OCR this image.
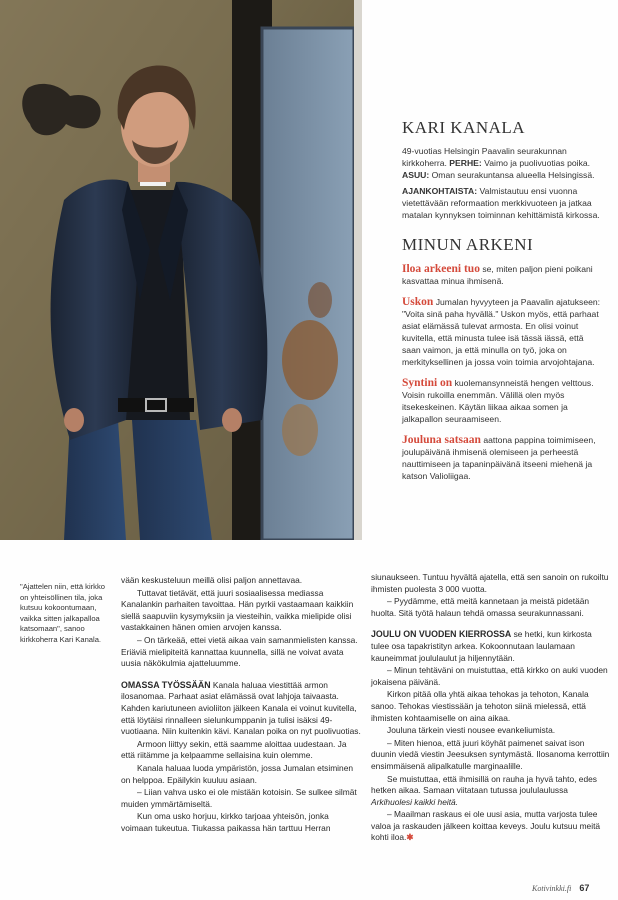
KARI KANALA

49-vuotias Helsingin Paavalin seurakunnan kirkkoherra. PERHE: Vaimo ja puolivuotias poika. ASUU: Oman seurakuntansa alueella Helsingissä.

AJANKOHTAISTA: Valmistautuu ensi vuonna vietettävään reformaation merkkivuoteen ja jatkaa matalan kynnyksen toiminnan kehittämistä kirkossa.

MINUN ARKENI

Iloa arkeeni tuo se, miten paljon pieni poikani kasvattaa minua ihmisenä.

Uskon Jumalan hyvyyteen ja Paavalin ajatukseen: "Voita sinä paha hyvällä." Uskon myös, että parhaat asiat elämässä tulevat armosta. En olisi voinut kuvitella, että minusta tulee isä tässä iässä, että saan vaimon, ja että minulla on työ, joka on merkityksellinen ja jossa voin toimia arvojohtajana.

Syntini on kuolemansynneistä hengen velttous. Voisin rukoilla enemmän. Välillä olen myös itsekeskeinen. Käytän liikaa aikaa somen ja jalkapallon seuraamiseen.

Jouluna satsaan aattona pappina toimimiseen, joulupäivänä ihmisenä olemiseen ja perheestä nauttimiseen ja tapaninpäivänä itseeni miehenä ja katson Valioliigaa.

"Ajattelen niin, että kirkko on yhteisöllinen tila, joka kutsuu kokoontumaan, vaikka sitten jalkapalloa katsomaan", sanoo kirkkoherra Kari Kanala.

vään keskusteluun meillä olisi paljon annettavaa.

Tuttavat tietävät, että juuri sosiaalisessa mediassa Kanalankin parhaiten tavoittaa. Hän pyrkii vastaamaan kaikkiin siellä saapuviin kysymyksiin ja viesteihin, vaikka mielipide olisi vastakkainen hänen omien arvojen kanssa.

– On tärkeää, ettei vietä aikaa vain samanmielisten kanssa. Eriäviä mielipiteitä kannattaa kuunnella, sillä ne voivat avata uusia näkökulmia ajatteluumme.

OMASSA TYÖSSÄÄN Kanala haluaa viestittää armon ilosanomaa. Parhaat asiat elämässä ovat lahjoja taivaasta. Kahden kariutuneen avioliiton jälkeen Kanala ei voinut kuvitella, että löytäisi rinnalleen sielunkumppanin ja tulisi isäksi 49-vuotiaana. Niin kuitenkin kävi. Kanalan poika on nyt puolivuotias.

Armoon liittyy sekin, että saamme aloittaa uudestaan. Ja että riitämme ja kelpaamme sellaisina kuin olemme.

Kanala haluaa luoda ympäristön, jossa Jumalan etsiminen on helppoa. Epäilykin kuuluu asiaan.

– Liian vahva usko ei ole mistään kotoisin. Se sulkee silmät muiden ymmärtämiseltä.

Kun oma usko horjuu, kirkko tarjoaa yhteisön, jonka voimaan tukeutua. Tiukassa paikassa hän tarttuu Herran

siunaukseen. Tuntuu hyvältä ajatella, että sen sanoin on rukoiltu ihmisten puolesta 3 000 vuotta.

– Pyydämme, että meitä kannetaan ja meistä pidetään huolta. Sitä työtä halaun tehdä omassa seurakunnassani.

JOULU ON VUODEN KIERROSSA se hetki, kun kirkosta tulee osa tapakristityn arkea. Kokoonnutaan laulamaan kauneimmat joululaulut ja hiljennytään.

– Minun tehtäväni on muistuttaa, että kirkko on auki vuoden jokaisena päivänä.

Kirkon pitää olla yhtä aikaa tehokas ja tehoton, Kanala sanoo. Tehokas viestissään ja tehoton siinä mielessä, että ihmisten kohtaamiselle on aina aikaa.

Jouluna tärkein viesti nousee evankeliumista.

– Miten hienoa, että juuri köyhät paimenet saivat ison duunin viedä viestin Jeesuksen syntymästä. Ilosanoma kerrottiin ensimmäisenä alipalkatulle marginaalille.

Se muistuttaa, että ihmisillä on rauha ja hyvä tahto, edes hetken aikaa. Samaan viitataan tutussa joululaulussa Arkihuolesi kaikki heitä.

– Maailman raskaus ei ole uusi asia, mutta varjosta tulee valoa ja raskauden jälkeen koittaa keveys. Joulu kutsuu meitä kohti iloa.✱

Kotivinkki.fi 67
